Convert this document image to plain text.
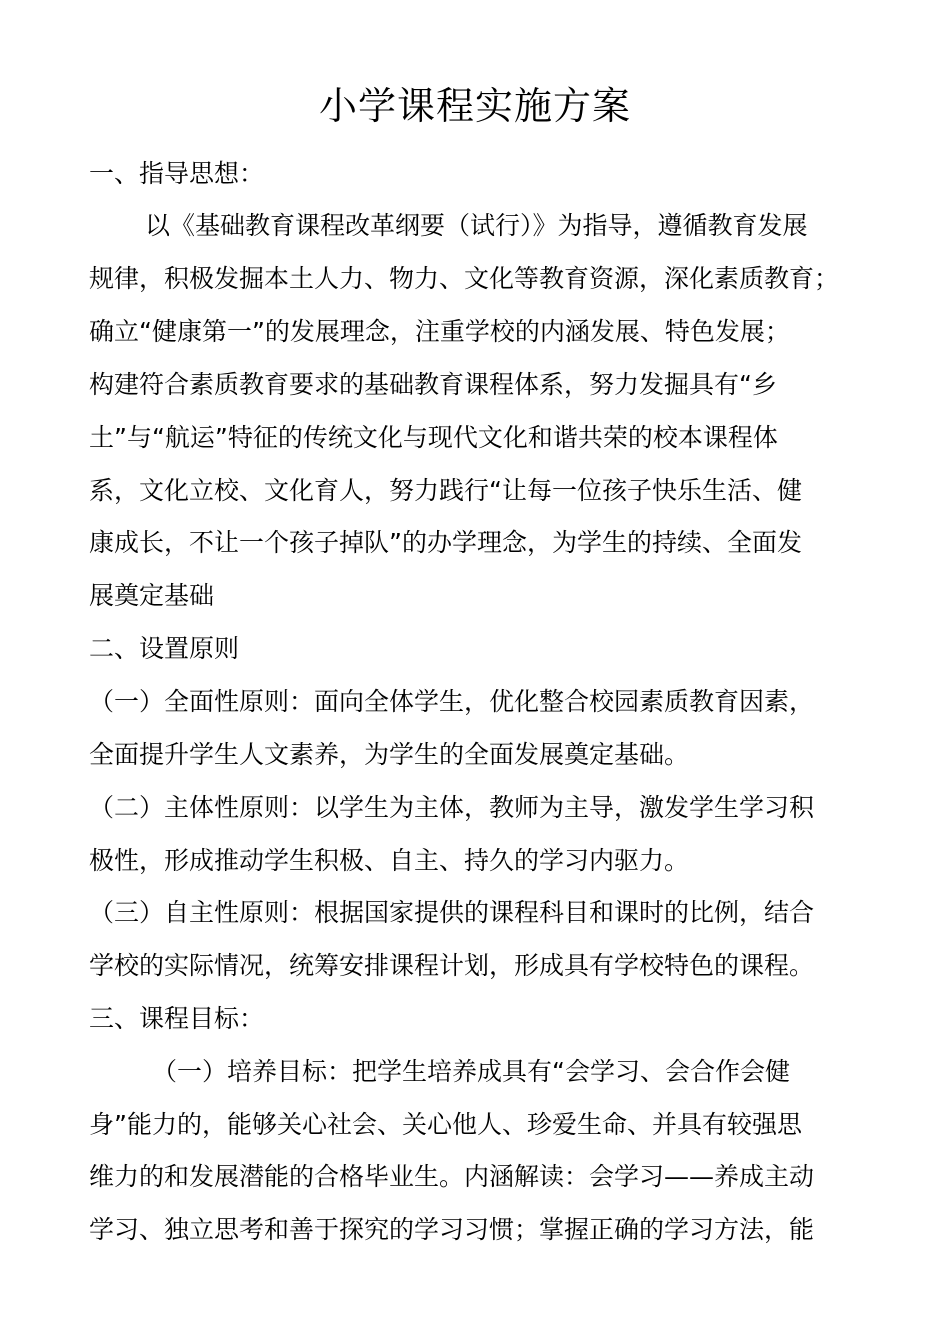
小学课程实施方案
一、指导思想：
以《基础教育课程改革纲要（试行）》为指导，遵循教育发展
规律，积极发掘本土人力、物力、文化等教育资源，深化素质教育；
确立“健康第一”的发展理念，注重学校的内涵发展、特色发展；
构建符合素质教育要求的基础教育课程体系，努力发掘具有“乡
土”与“航运”特征的传统文化与现代文化和谐共荣的校本课程体
系，文化立校、文化育人，努力践行“让每一位孩子快乐生活、健
康成长，不让一个孩子掉队”的办学理念，为学生的持续、全面发
展奠定基础
二、设置原则
（一）全面性原则：面向全体学生，优化整合校园素质教育因素，
全面提升学生人文素养，为学生的全面发展奠定基础。
（二）主体性原则：以学生为主体，教师为主导，激发学生学习积
极性，形成推动学生积极、自主、持久的学习内驱力。
（三）自主性原则：根据国家提供的课程科目和课时的比例，结合
学校的实际情况，统筹安排课程计划，形成具有学校特色的课程。
三、课程目标：
（一）培养目标：把学生培养成具有“会学习、会合作会健
身”能力的，能够关心社会、关心他人、珍爱生命、并具有较强思
维力的和发展潜能的合格毕业生。内涵解读：会学习——养成主动
学习、独立思考和善于探究的学习习惯；掌握正确的学习方法，能
